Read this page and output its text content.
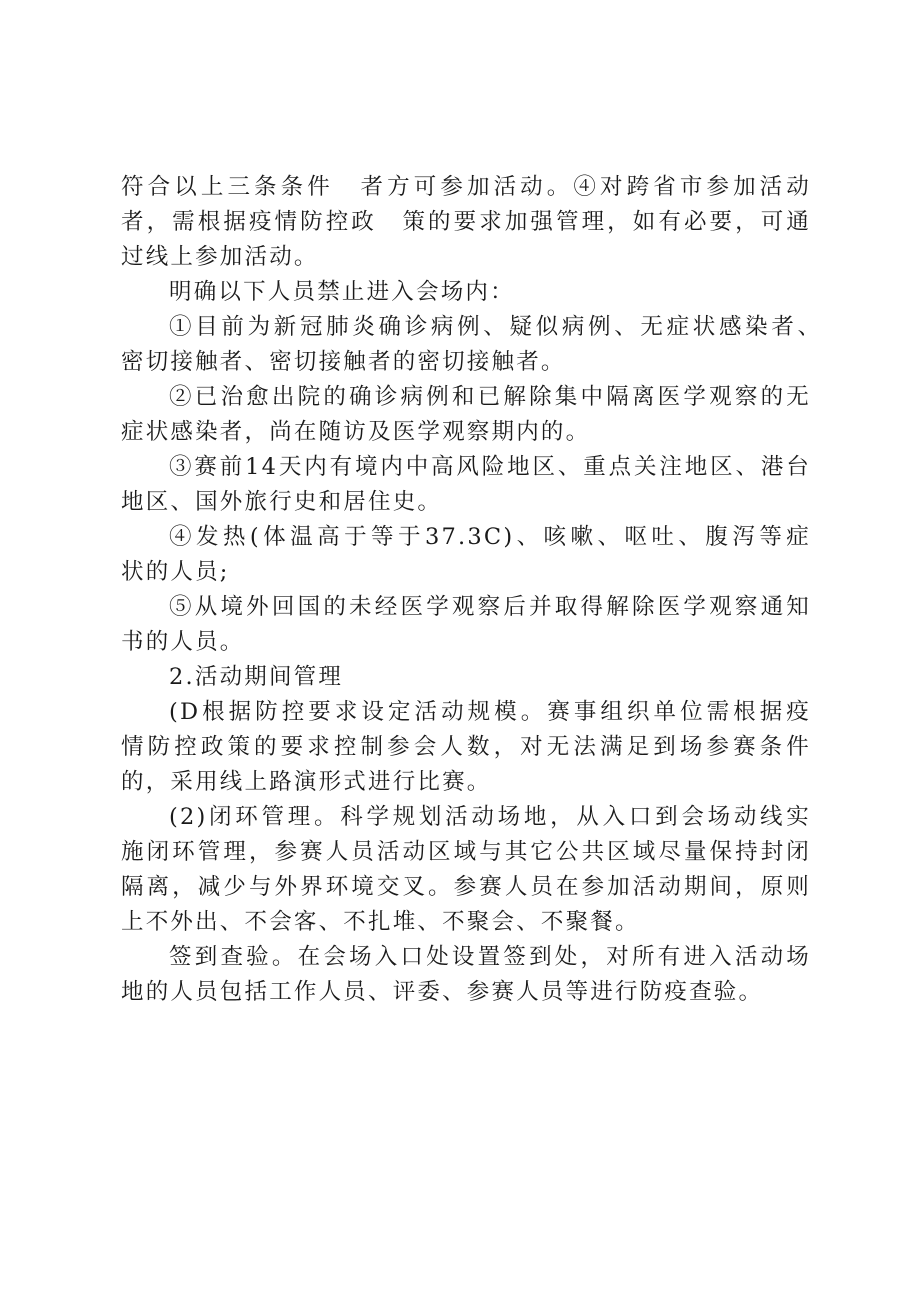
符合以上三条条件　者方可参加活动。④对跨省市参加活动者，需根据疫情防控政　策的要求加强管理，如有必要，可通过线上参加活动。

明确以下人员禁止进入会场内：

①目前为新冠肺炎确诊病例、疑似病例、无症状感染者、　密切接触者、密切接触者的密切接触者。

②已治愈出院的确诊病例和已解除集中隔离医学观察的无　症状感染者，尚在随访及医学观察期内的。

③赛前14天内有境内中高风险地区、重点关注地区、港台　地区、国外旅行史和居住史。

④发热(体温高于等于37.3C)、咳嗽、呕吐、腹泻等症　状的人员;

⑤从境外回国的未经医学观察后并取得解除医学观察通知　书的人员。

2.活动期间管理

(D根据防控要求设定活动规模。赛事组织单位需根据疫　情防控政策的要求控制参会人数，对无法满足到场参赛条件　的，采用线上路演形式进行比赛。

(2)闭环管理。科学规划活动场地，从入口到会场动线实　施闭环管理，参赛人员活动区域与其它公共区域尽量保持封闭　隔离，减少与外界环境交叉。参赛人员在参加活动期间，原则　上不外出、不会客、不扎堆、不聚会、不聚餐。

签到查验。在会场入口处设置签到处，对所有进入活动场　地的人员包括工作人员、评委、参赛人员等进行防疫查验。
